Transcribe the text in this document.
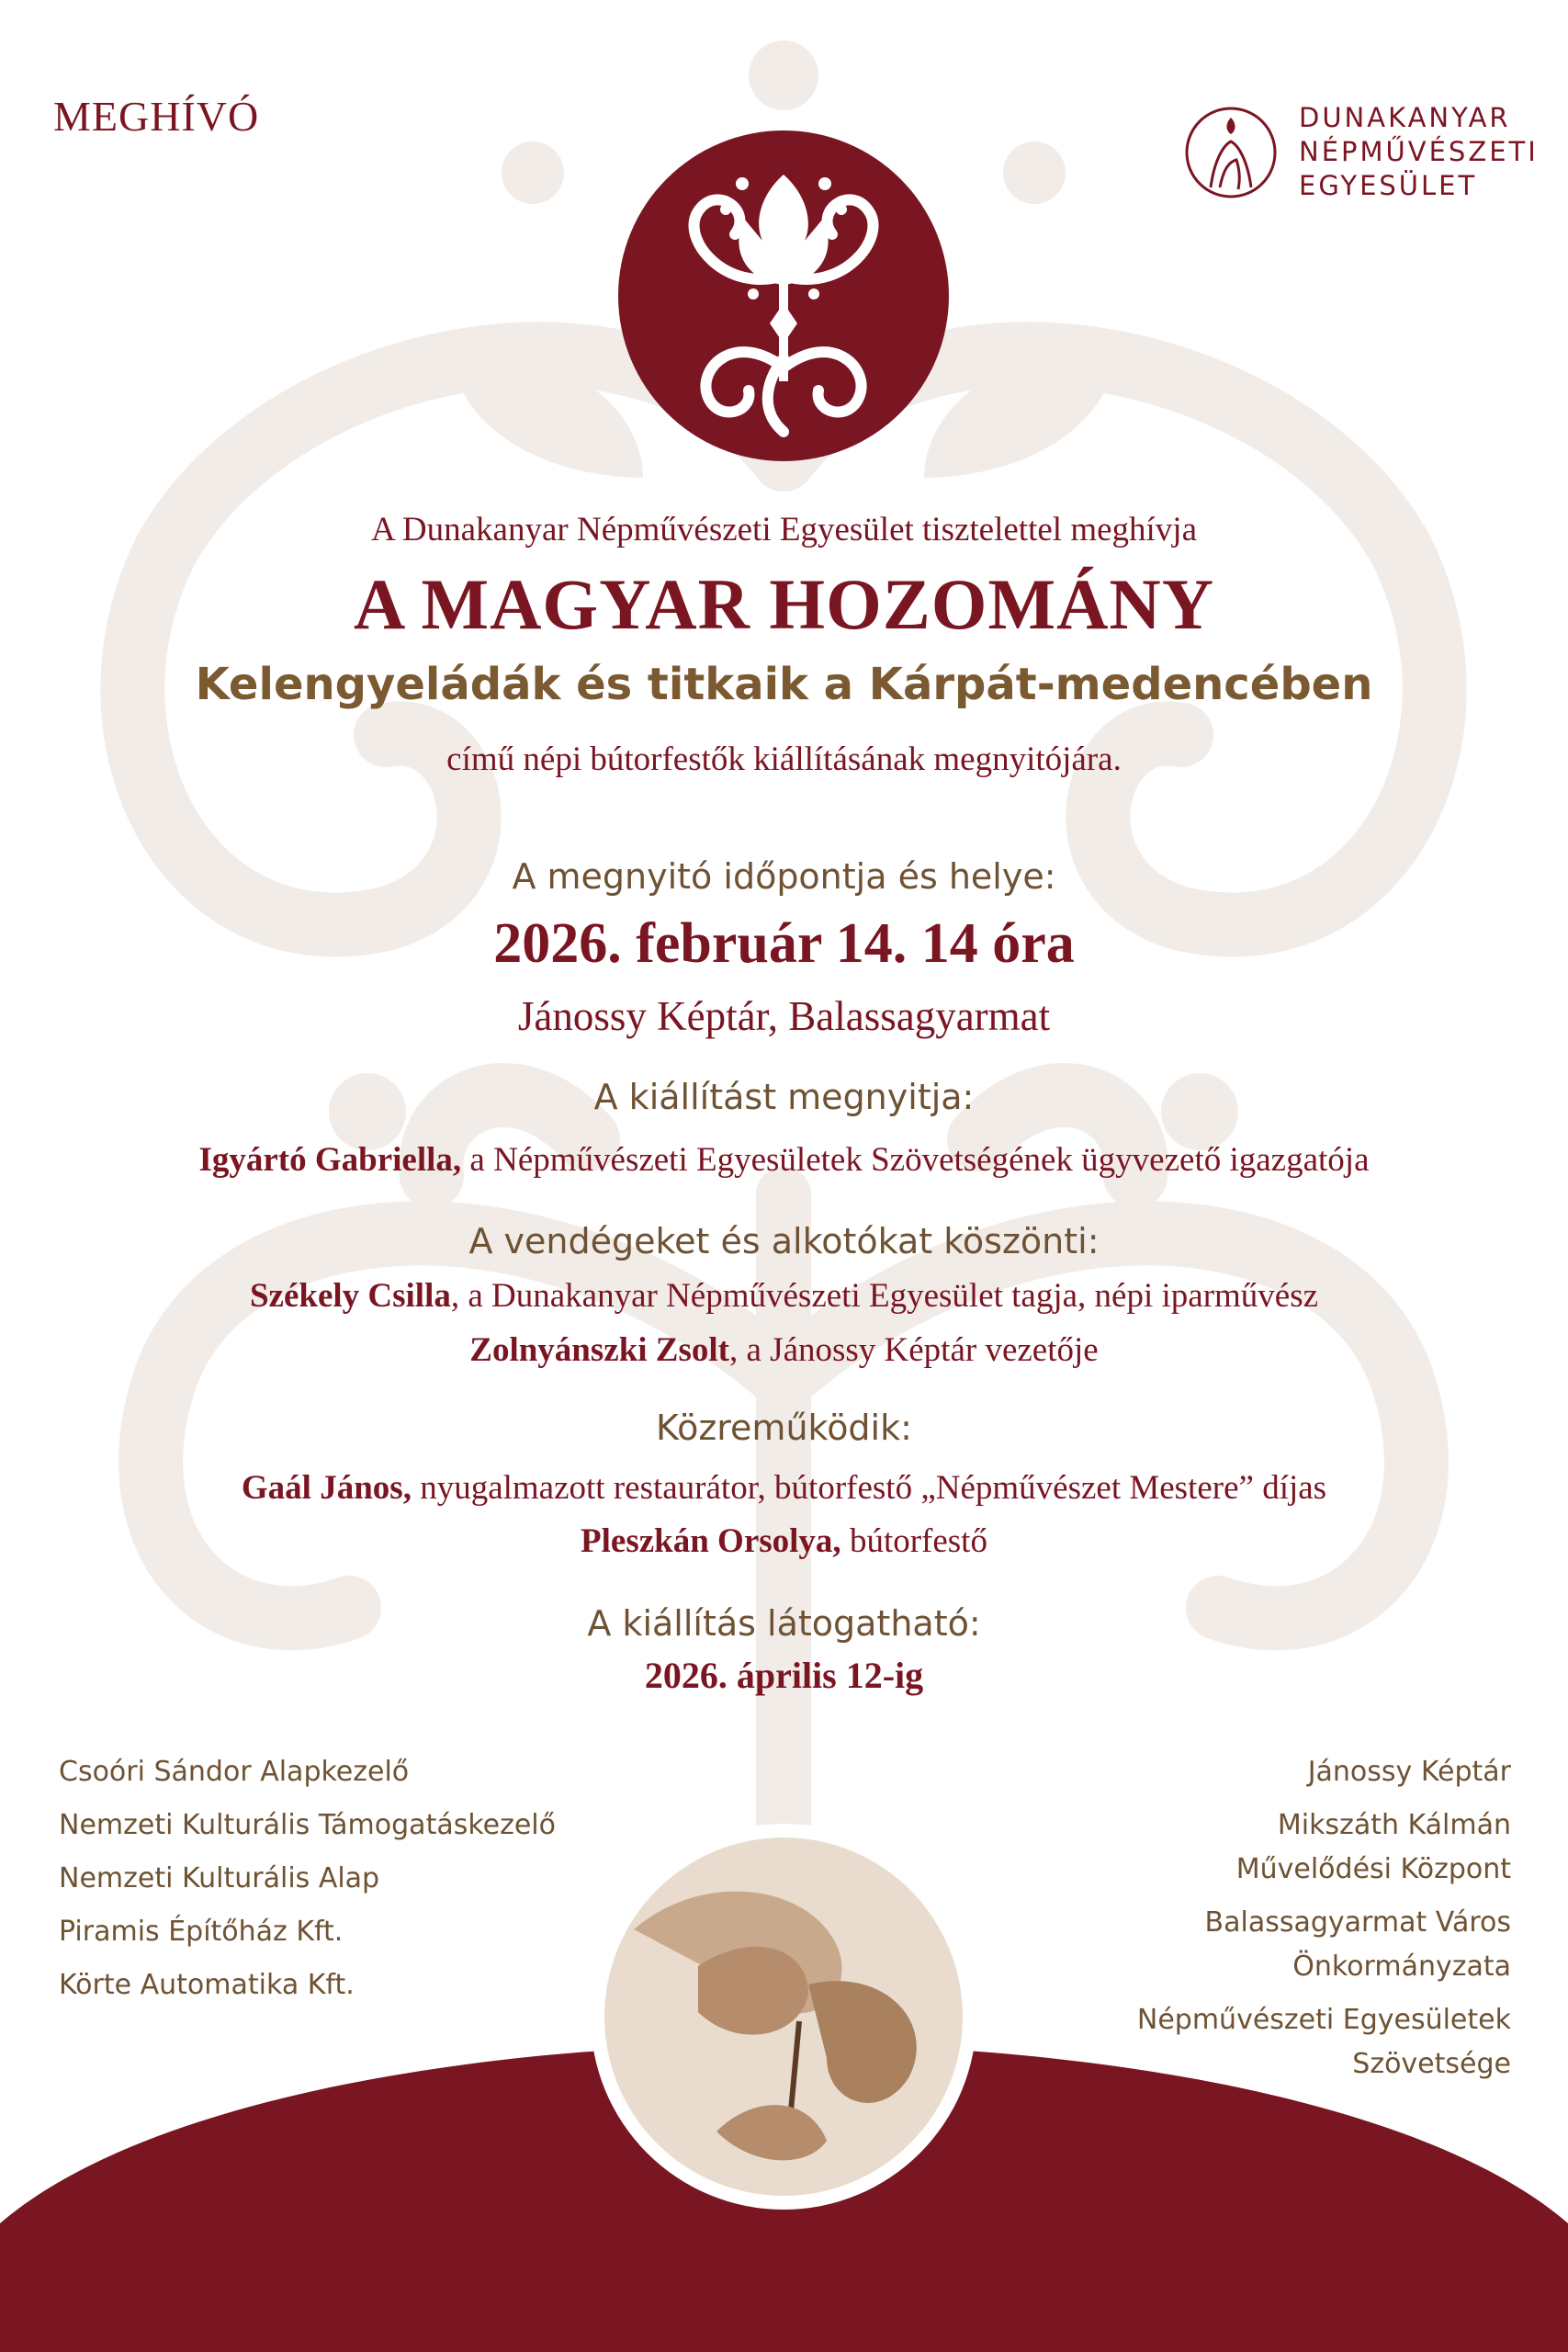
MEGHÍVÓ	DUNAKANYAR
NÉPMŰVÉSZETI
EGYESÜLET
A Dunakanyar Népművészeti Egyesület tisztelettel meghívja
A MAGYAR HOZOMÁNY
Kelengyeládák és titkaik a Kárpát-medencében
című népi bútorfestők kiállításának megnyitójára.
A megnyitó időpontja és helye:
2026. február 14. 14 óra
Jánossy Képtár, Balassagyarmat
A kiállítást megnyitja:
Igyártó Gabriella, a Népművészeti Egyesületek Szövetségének ügyvezető igazgatója
A vendégeket és alkotókat köszönti:
Székely Csilla, a Dunakanyar Népművészeti Egyesület tagja, népi iparművész
Zolnyánszki Zsolt, a Jánossy Képtár vezetője
Közreműködik:
Gaál János, nyugalmazott restaurátor, bútorfestő „Népművészet Mestere” díjas
Pleszkán Orsolya, bútorfestő
A kiállítás látogatható:
2026. április 12-ig
Csoóri Sándor Alapkezelő
Nemzeti Kulturális Támogatáskezelő
Nemzeti Kulturális Alap
Piramis Építőház Kft.
Körte Automatika Kft.
Jánossy Képtár
Mikszáth Kálmán
Művelődési Központ
Balassagyarmat Város
Önkormányzata
Népművészeti Egyesületek
Szövetsége
